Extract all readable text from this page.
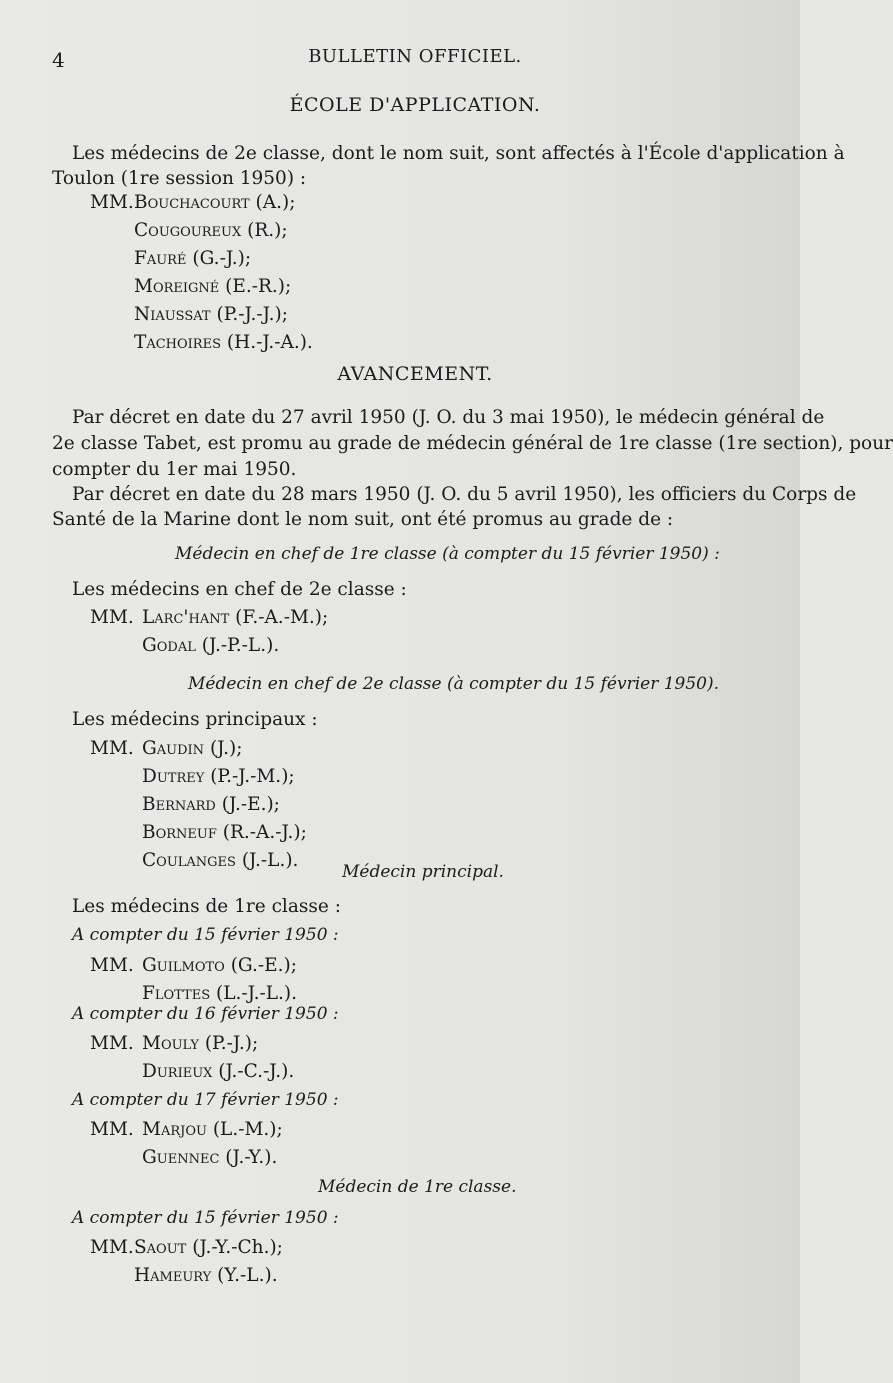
4	BULLETIN OFFICIEL.
ÉCOLE D'APPLICATION.
Les médecins de 2e classe, dont le nom suit, sont affectés à l'École d'application à
Toulon (1re session 1950) :
MM. Bouchacourt (A.);
Cougoureux (R.);
Fauré (G.-J.);
Moreigné (E.-R.);
Niaussat (P.-J.-J.);
Tachoires (H.-J.-A.).
AVANCEMENT.
Par décret en date du 27 avril 1950 (J. O. du 3 mai 1950), le médecin général de
2e classe Tabet, est promu au grade de médecin général de 1re classe (1re section), pour
compter du 1er mai 1950.
Par décret en date du 28 mars 1950 (J. O. du 5 avril 1950), les officiers du Corps de
Santé de la Marine dont le nom suit, ont été promus au grade de :
Médecin en chef de 1re classe (à compter du 15 février 1950) :
Les médecins en chef de 2e classe :
MM. Larc'hant (F.-A.-M.);
Godal (J.-P.-L.).
Médecin en chef de 2e classe (à compter du 15 février 1950).
Les médecins principaux :
MM. Gaudin (J.);
Dutrey (P.-J.-M.);
Bernard (J.-E.);
Borneuf (R.-A.-J.);
Coulanges (J.-L.).
Médecin principal.
Les médecins de 1re classe :
A compter du 15 février 1950 :
MM. Guilmoto (G.-E.);
Flottes (L.-J.-L.).
A compter du 16 février 1950 :
MM. Mouly (P.-J.);
Durieux (J.-C.-J.).
A compter du 17 février 1950 :
MM. Marjou (L.-M.);
Guennec (J.-Y.).
Médecin de 1re classe.
A compter du 15 février 1950 :
MM. Saout (J.-Y.-Ch.);
Hameury (Y.-L.).
